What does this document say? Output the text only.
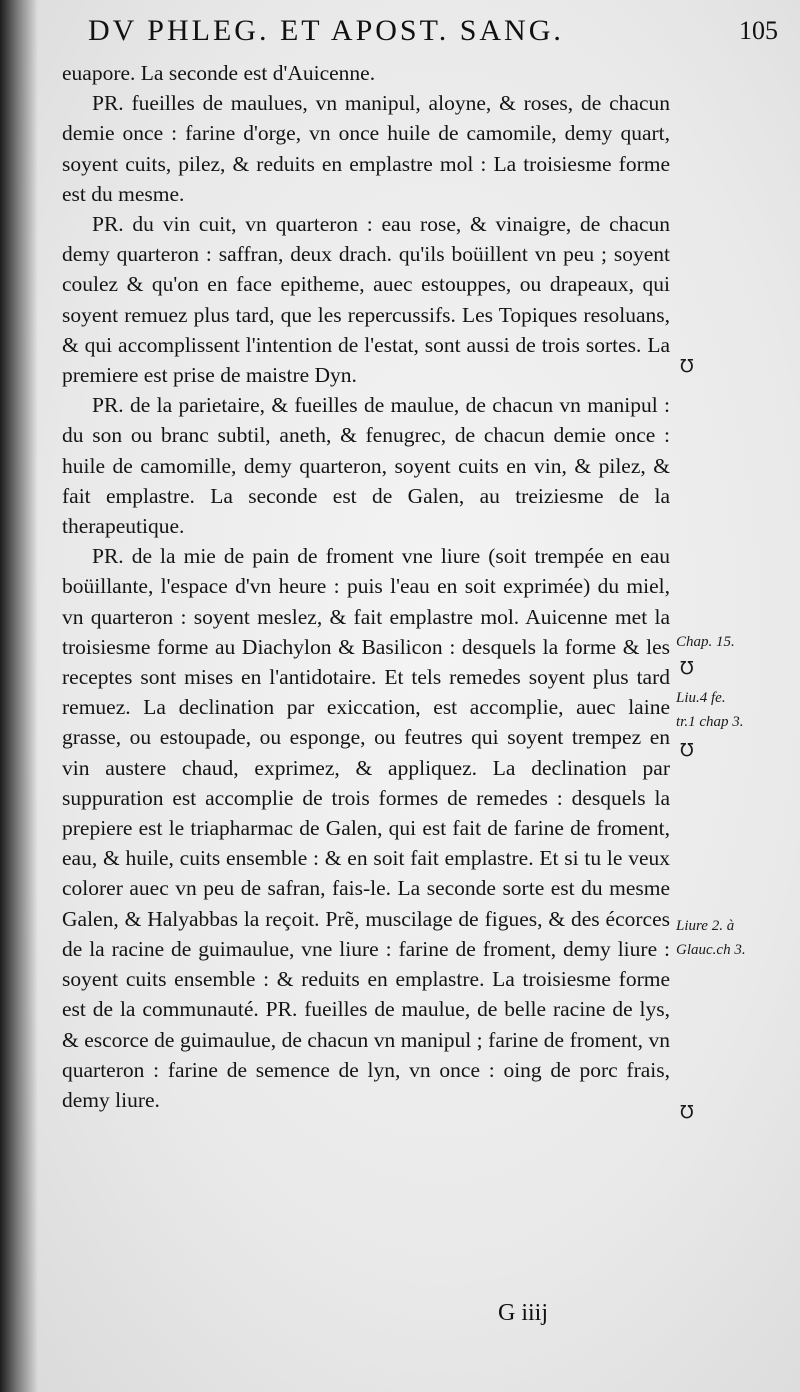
DV PHLEG. ET APOST. SANG.	105

euapore. La seconde est d'Auicenne.

PR. fueilles de maulues, vn manipul, aloyne, & roses, de chacun demie once : farine d'orge, vn once huile de camomile, demy quart, soyent cuits, pilez, & reduits en emplastre mol : La troisiesme forme est du mesme.

PR. du vin cuit, vn quarteron : eau rose, & vinaigre, de chacun demy quarteron : saffran, deux drach. qu'ils boüillent vn peu ; soyent coulez & qu'on en face epitheme, auec estouppes, ou drapeaux, qui soyent remuez plus tard, que les repercussifs. Les Topiques resoluans, & qui accomplissent l'intention de l'estat, sont aussi de trois sortes. La premiere est prise de maistre Dyn.

PR. de la parietaire, & fueilles de maulue, de chacun vn manipul : du son ou branc subtil, aneth, & fenugrec, de chacun demie once : huile de camomille, demy quarteron, soyent cuits en vin, & pilez, & fait emplastre. La seconde est de Galen, au treiziesme de la therapeutique.

PR. de la mie de pain de froment vne liure (soit trempée en eau boüillante, l'espace d'vn heure : puis l'eau en soit exprimée) du miel, vn quarteron : soyent meslez, & fait emplastre mol. Auicenne met la troisiesme forme au Diachylon & Basilicon : desquels la forme & les receptes sont mises en l'antidotaire. Et tels remedes soyent plus tard remuez. La declination par exiccation, est accomplie, auec laine grasse, ou estoupade, ou esponge, ou feutres qui soyent trempez en vin austere chaud, exprimez, & appliquez. La declination par suppuration est accomplie de trois formes de remedes : desquels la prepiere est le triapharmac de Galen, qui est fait de farine de froment, eau, & huile, cuits ensemble : & en soit fait emplastre. Et si tu le veux colorer auec vn peu de safran, fais-le. La seconde sorte est du mesme Galen, & Halyabbas la reçoit. Prẽ, muscilage de figues, & des écorces de la racine de guimaulue, vne liure : farine de froment, demy liure : soyent cuits ensemble : & reduits en emplastre. La troisiesme forme est de la communauté. PR. fueilles de maulue, de belle racine de lys, & escorce de guimaulue, de chacun vn manipul ; farine de froment, vn quarteron : farine de semence de lyn, vn once : oing de porc frais, demy liure.

Chap. 15.
Liu.4 fe.
tr.1 chap 3.
Liure 2. à
Glauc.ch 3.
℧
℧
℧
℧
G iiij
